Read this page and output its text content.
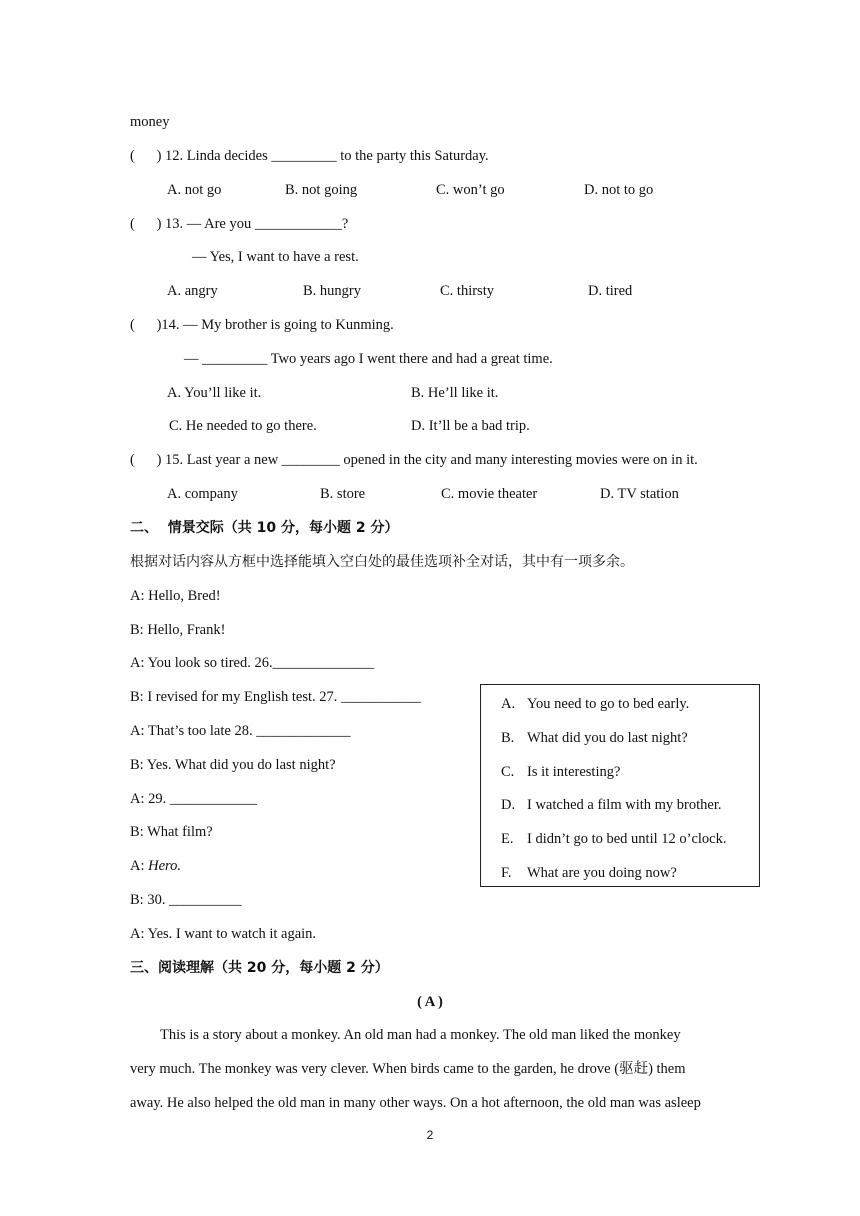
money
(      ) 12. Linda decides _________ to the party this Saturday.
A. not go	B. not going	C. won’t go	D. not to go
(      ) 13. — Are you ____________?
— Yes, I want to have a rest.
A. angry	B. hungry	C. thirsty	D. tired
(      )14. — My brother is going to Kunming.
— _________ Two years ago I went there and had a great time.
A. You’ll like it.	B. He’ll like it.
C. He needed to go there.	D. It’ll be a bad trip.
(      ) 15. Last year a new ________ opened in the city and many interesting movies were on in it.
A. company	B. store	C. movie theater	D. TV station
二、  情景交际（共 10 分，每小题 2 分）
根据对话内容从方框中选择能填入空白处的最佳选项补全对话，其中有一项多余。
A: Hello, Bred!
B: Hello, Frank!
A: You look so tired. 26.______________
B: I revised for my English test. 27. ___________
A: That’s too late 28. _____________
B: Yes. What did you do last night?
A: 29. ____________
B: What film?
A: Hero.
B: 30. __________
A: Yes. I want to watch it again.
A. You need to go to bed early.
B. What did you do last night?
C. Is it interesting?
D. I watched a film with my brother.
E. I didn’t go to bed until 12 o’clock.
F. What are you doing now?
三、阅读理解（共 20 分，每小题 2 分）
( A )
This is a story about a monkey. An old man had a monkey. The old man liked the monkey
very much. The monkey was very clever. When birds came to the garden, he drove (驱赶) them
away. He also helped the old man in many other ways. On a hot afternoon, the old man was asleep
2
